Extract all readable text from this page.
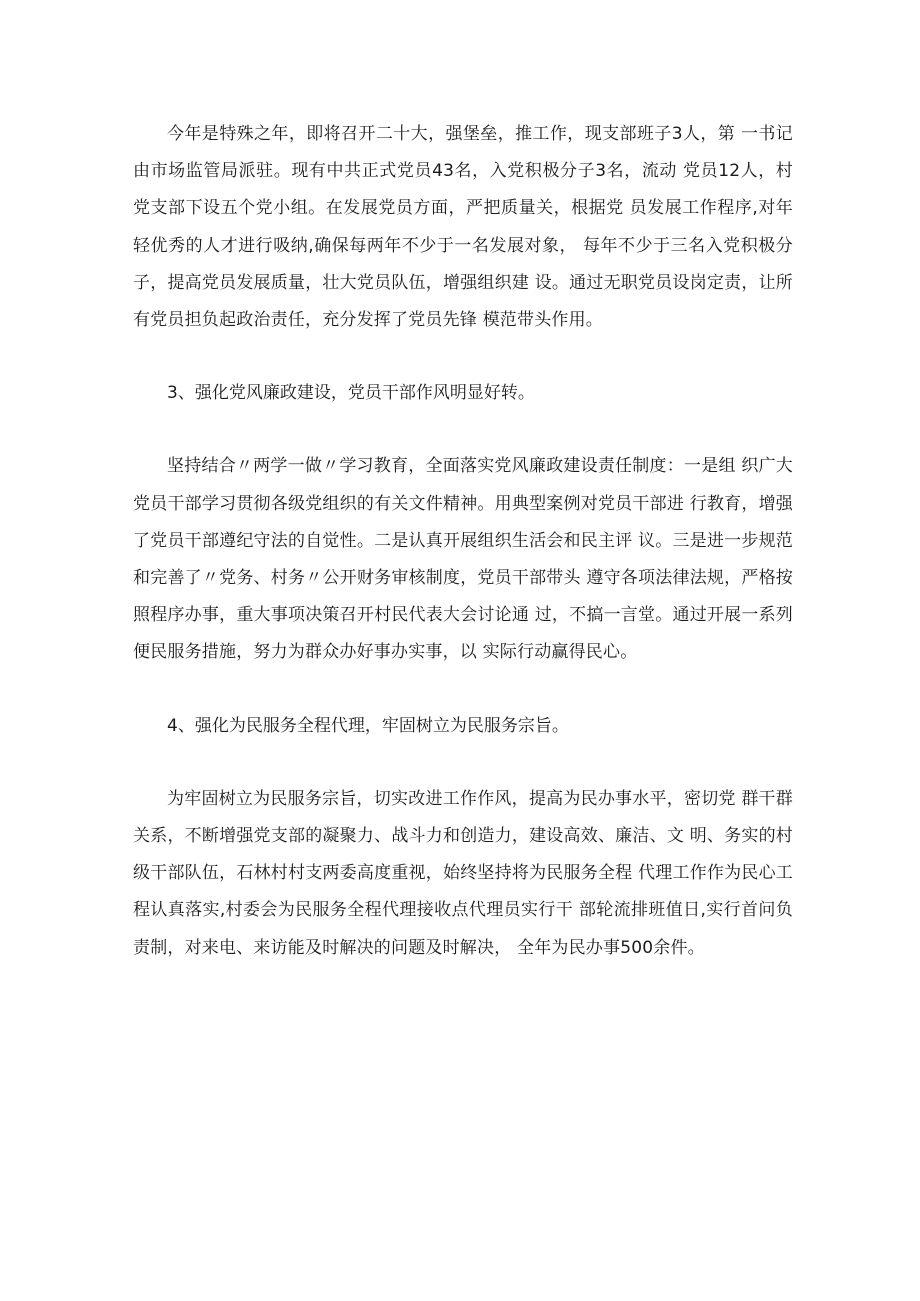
今年是特殊之年，即将召开二十大，强堡垒，推工作，现支部班子3人，第 一书记由市场监管局派驻。现有中共正式党员43名，入党积极分子3名，流动 党员12人，村党支部下设五个党小组。在发展党员方面，严把质量关，根据党 员发展工作程序,对年轻优秀的人才进行吸纳,确保每两年不少于一名发展对象， 每年不少于三名入党积极分子，提高党员发展质量，壮大党员队伍，增强组织建 设。通过无职党员设岗定责，让所有党员担负起政治责任，充分发挥了党员先锋 模范带头作用。

3、强化党风廉政建设，党员干部作风明显好转。

坚持结合〃两学一做〃学习教育，全面落实党风廉政建设责任制度：一是组 织广大党员干部学习贯彻各级党组织的有关文件精神。用典型案例对党员干部进 行教育，增强了党员干部遵纪守法的自觉性。二是认真开展组织生活会和民主评 议。三是进一步规范和完善了〃党务、村务〃公开财务审核制度，党员干部带头 遵守各项法律法规，严格按照程序办事，重大事项决策召开村民代表大会讨论通 过，不搞一言堂。通过开展一系列便民服务措施，努力为群众办好事办实事，以 实际行动赢得民心。

4、强化为民服务全程代理，牢固树立为民服务宗旨。

为牢固树立为民服务宗旨，切实改进工作作风，提高为民办事水平，密切党 群干群关系，不断增强党支部的凝聚力、战斗力和创造力，建设高效、廉洁、文 明、务实的村级干部队伍，石林村村支两委高度重视，始终坚持将为民服务全程 代理工作作为民心工程认真落实,村委会为民服务全程代理接收点代理员实行干 部轮流排班值日,实行首问负责制，对来电、来访能及时解决的问题及时解决， 全年为民办事500余件。
